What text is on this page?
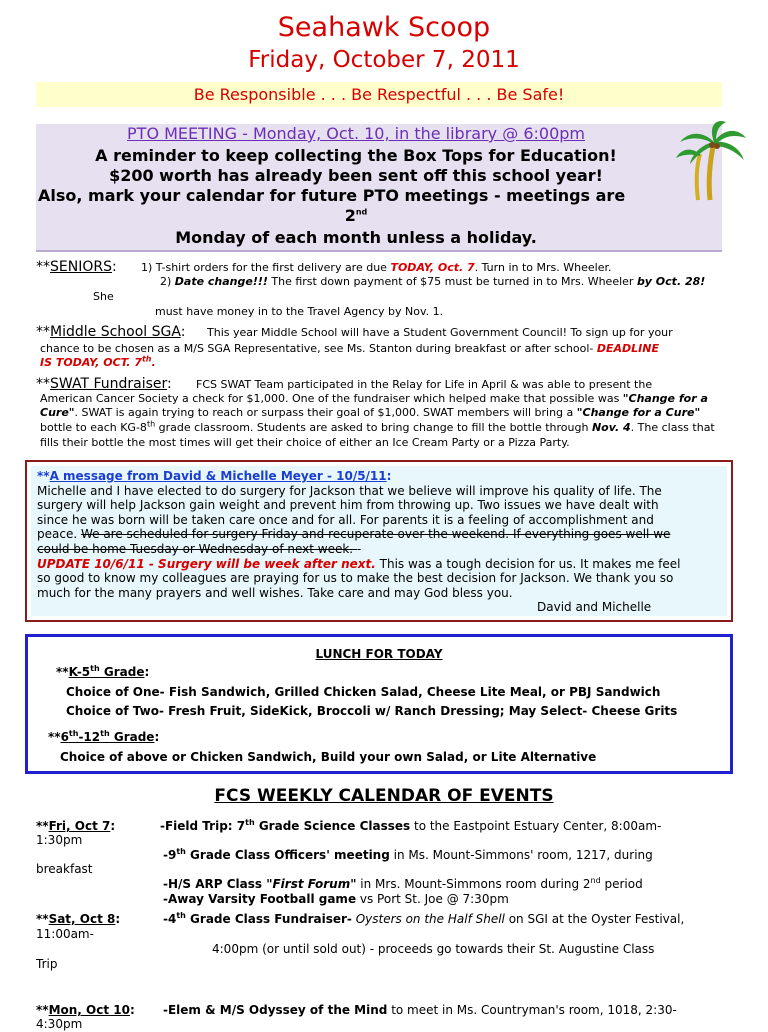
Seahawk Scoop
Friday, October 7, 2011
Be Responsible . . . Be Respectful . . . Be Safe!
PTO MEETING - Monday, Oct. 10, in the library @ 6:00pm
A reminder to keep collecting the Box Tops for Education!
$200 worth has already been sent off this school year!
Also, mark your calendar for future PTO meetings - meetings are
2nd
Monday of each month unless a holiday.
**SENIORS: 1) T-shirt orders for the first delivery are due TODAY, Oct. 7. Turn in to Mrs. Wheeler.
2) Date change!!! The first down payment of $75 must be turned in to Mrs. Wheeler by Oct. 28!
She
must have money in to the Travel Agency by Nov. 1.
**Middle School SGA: This year Middle School will have a Student Government Council! To sign up for your
chance to be chosen as a M/S SGA Representative, see Ms. Stanton during breakfast or after school- DEADLINE
IS TODAY, OCT. 7th.
**SWAT Fundraiser: FCS SWAT Team participated in the Relay for Life in April & was able to present the
American Cancer Society a check for $1,000. One of the fundraiser which helped make that possible was "Change for a
Cure". SWAT is again trying to reach or surpass their goal of $1,000. SWAT members will bring a "Change for a Cure"
bottle to each KG-8th grade classroom. Students are asked to bring change to fill the bottle through Nov. 4. The class that
fills their bottle the most times will get their choice of either an Ice Cream Party or a Pizza Party.
**A message from David & Michelle Meyer - 10/5/11:
Michelle and I have elected to do surgery for Jackson that we believe will improve his quality of life. The
surgery will help Jackson gain weight and prevent him from throwing up. Two issues we have dealt with
since he was born will be taken care once and for all. For parents it is a feeling of accomplishment and
peace. We are scheduled for surgery Friday and recuperate over the weekend. If everything goes well we
could be home Tuesday or Wednesday of next week. -
UPDATE 10/6/11 - Surgery will be week after next. This was a tough decision for us. It makes me feel
so good to know my colleagues are praying for us to make the best decision for Jackson. We thank you so
much for the many prayers and well wishes. Take care and may God bless you.
David and Michelle
LUNCH FOR TODAY
**K-5th Grade:
Choice of One- Fish Sandwich, Grilled Chicken Salad, Cheese Lite Meal, or PBJ Sandwich
Choice of Two- Fresh Fruit, SideKick, Broccoli w/ Ranch Dressing; May Select- Cheese Grits
**6th-12th Grade:
Choice of above or Chicken Sandwich, Build your own Salad, or Lite Alternative
FCS WEEKLY CALENDAR OF EVENTS
**Fri, Oct 7:	-Field Trip: 7th Grade Science Classes to the Eastpoint Estuary Center, 8:00am-
1:30pm
-9th Grade Class Officers' meeting in Ms. Mount-Simmons' room, 1217, during
breakfast
-H/S ARP Class "First Forum" in Mrs. Mount-Simmons room during 2nd period
-Away Varsity Football game vs Port St. Joe @ 7:30pm
**Sat, Oct 8:	-4th Grade Class Fundraiser- Oysters on the Half Shell on SGI at the Oyster Festival,
11:00am-
4:00pm (or until sold out) - proceeds go towards their St. Augustine Class
Trip
**Mon, Oct 10: -Elem & M/S Odyssey of the Mind to meet in Ms. Countryman's room, 1018, 2:30-
4:30pm
